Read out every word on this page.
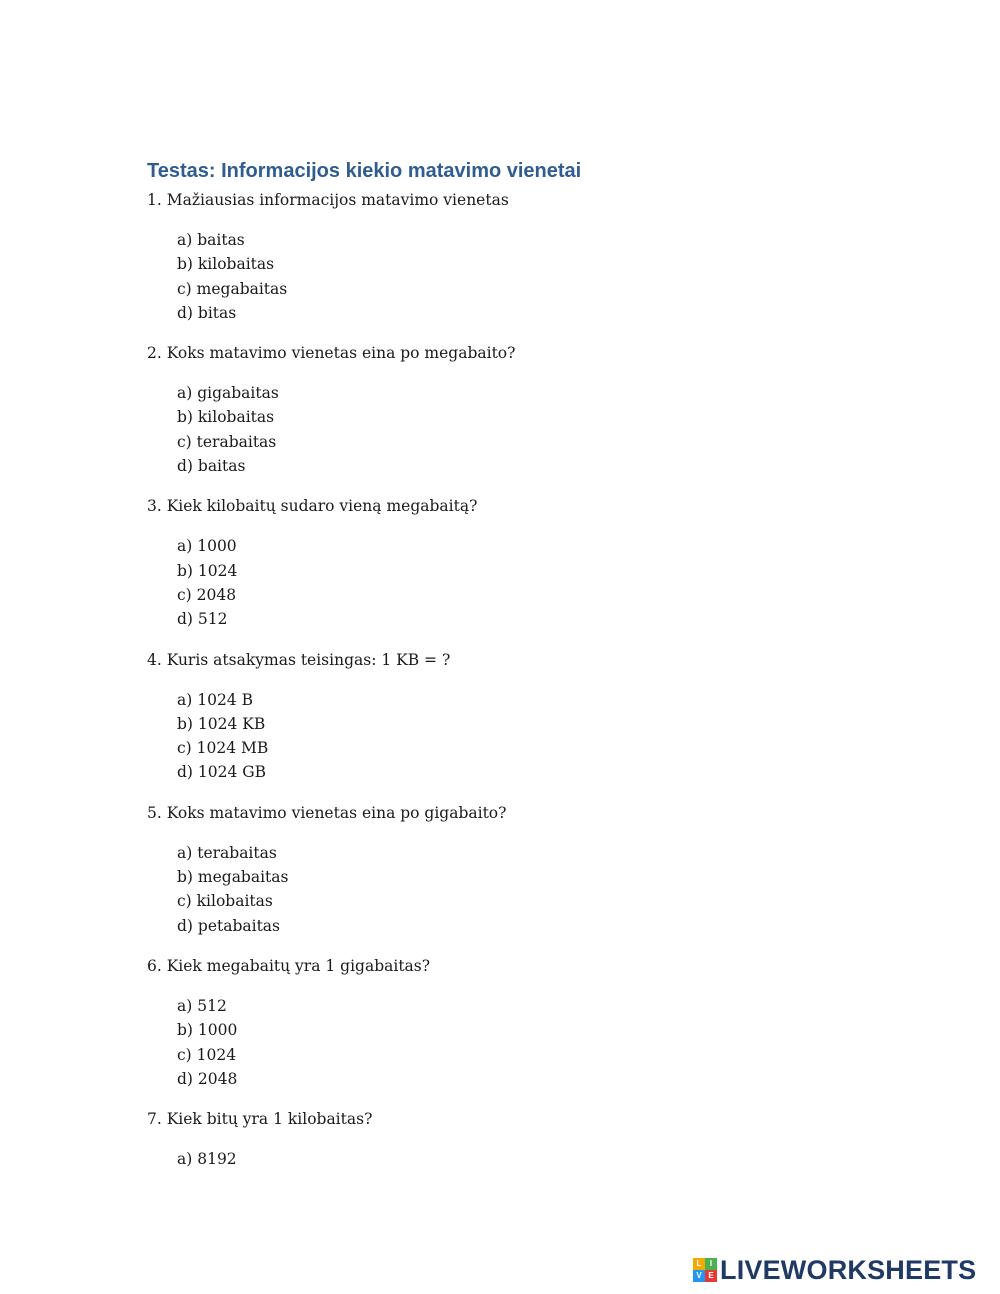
Testas: Informacijos kiekio matavimo vienetai

1. Mažiausias informacijos matavimo vienetas

a) baitas
b) kilobaitas
c) megabaitas
d) bitas

2. Koks matavimo vienetas eina po megabaito?

a) gigabaitas
b) kilobaitas
c) terabaitas
d) baitas

3. Kiek kilobaitų sudaro vieną megabaitą?

a) 1000
b) 1024
c) 2048
d) 512

4. Kuris atsakymas teisingas: 1 KB = ?

a) 1024 B
b) 1024 KB
c) 1024 MB
d) 1024 GB

5. Koks matavimo vienetas eina po gigabaito?

a) terabaitas
b) megabaitas
c) kilobaitas
d) petabaitas

6. Kiek megabaitų yra 1 gigabaitas?

a) 512
b) 1000
c) 1024
d) 2048

7. Kiek bitų yra 1 kilobaitas?

a) 8192
L	I
V E LIVEWORKSHEETS
